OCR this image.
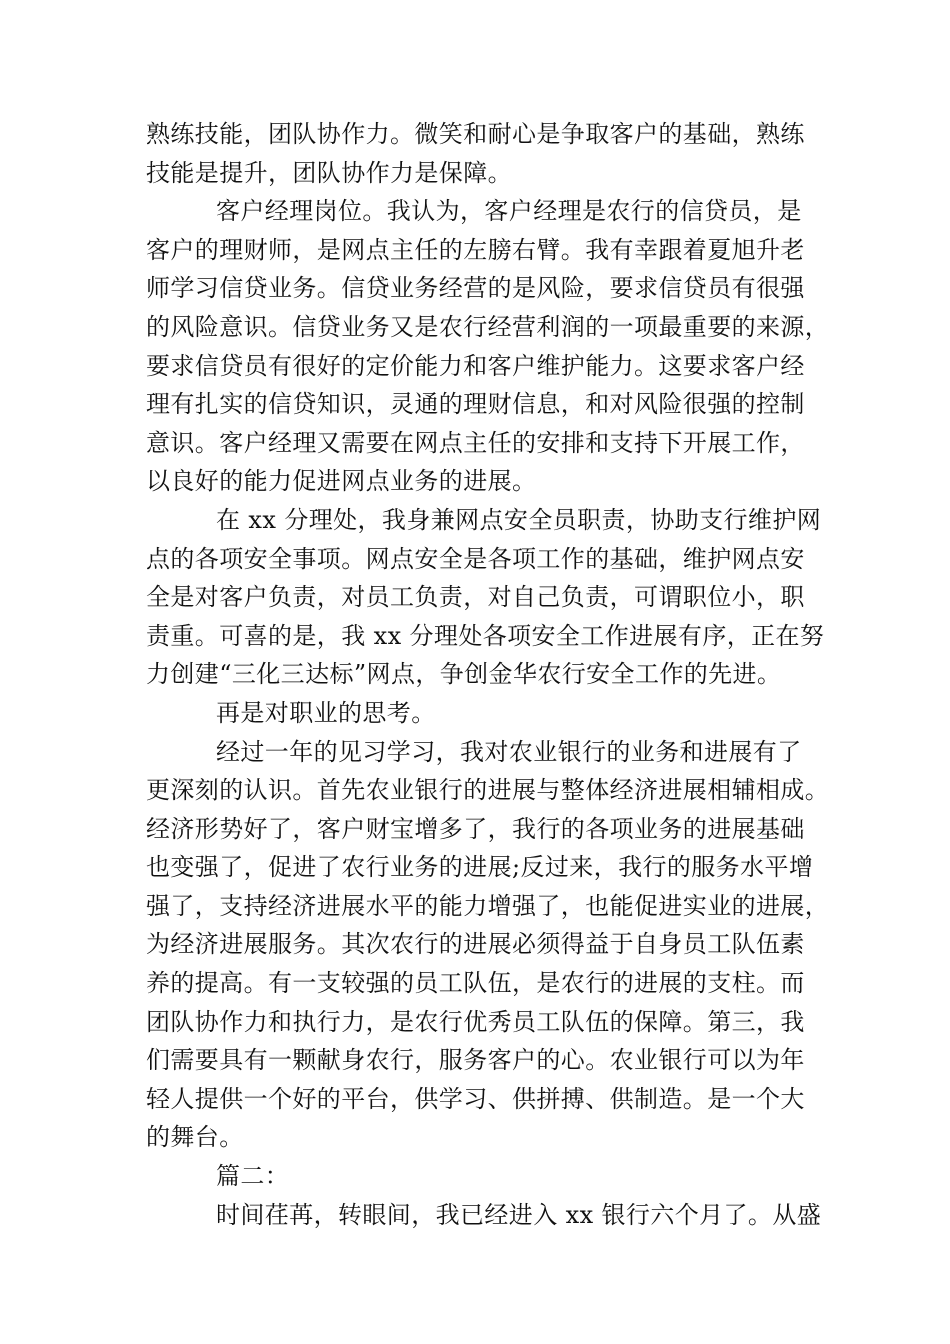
熟练技能，团队协作力。微笑和耐心是争取客户的基础，熟练
技能是提升，团队协作力是保障。
客户经理岗位。我认为，客户经理是农行的信贷员，是
客户的理财师，是网点主任的左膀右臂。我有幸跟着夏旭升老
师学习信贷业务。信贷业务经营的是风险，要求信贷员有很强
的风险意识。信贷业务又是农行经营利润的一项最重要的来源，
要求信贷员有很好的定价能力和客户维护能力。这要求客户经
理有扎实的信贷知识，灵通的理财信息，和对风险很强的控制
意识。客户经理又需要在网点主任的安排和支持下开展工作，
以良好的能力促进网点业务的进展。
在 xx 分理处，我身兼网点安全员职责，协助支行维护网
点的各项安全事项。网点安全是各项工作的基础，维护网点安
全是对客户负责，对员工负责，对自己负责，可谓职位小，职
责重。可喜的是，我 xx 分理处各项安全工作进展有序，正在努
力创建“三化三达标”网点，争创金华农行安全工作的先进。
再是对职业的思考。
经过一年的见习学习，我对农业银行的业务和进展有了
更深刻的认识。首先农业银行的进展与整体经济进展相辅相成。
经济形势好了，客户财宝增多了，我行的各项业务的进展基础
也变强了，促进了农行业务的进展;反过来，我行的服务水平增
强了，支持经济进展水平的能力增强了，也能促进实业的进展，
为经济进展服务。其次农行的进展必须得益于自身员工队伍素
养的提高。有一支较强的员工队伍，是农行的进展的支柱。而
团队协作力和执行力，是农行优秀员工队伍的保障。第三，我
们需要具有一颗献身农行，服务客户的心。农业银行可以为年
轻人提供一个好的平台，供学习、供拼搏、供制造。是一个大
的舞台。
篇二：
时间荏苒，转眼间，我已经进入 xx 银行六个月了。从盛
